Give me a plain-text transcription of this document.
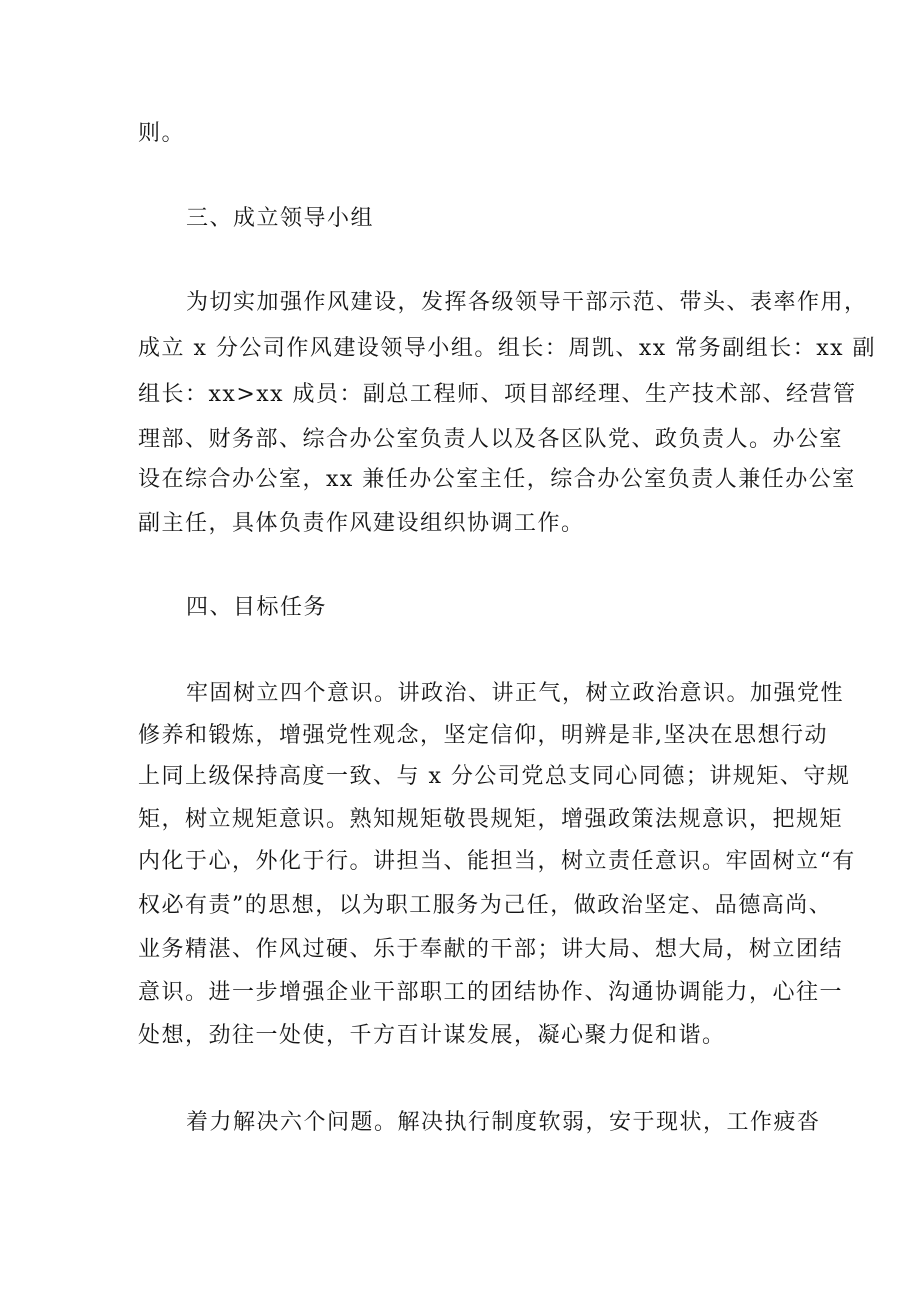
则。

三、成立领导小组

为切实加强作风建设，发挥各级领导干部示范、带头、表率作用，

成立 x 分公司作风建设领导小组。组长：周凯、xx 常务副组长：xx 副

组长：xx>xx 成员：副总工程师、项目部经理、生产技术部、经营管

理部、财务部、综合办公室负责人以及各区队党、政负责人。办公室

设在综合办公室，xx 兼任办公室主任，综合办公室负责人兼任办公室

副主任，具体负责作风建设组织协调工作。

四、目标任务

牢固树立四个意识。讲政治、讲正气，树立政治意识。加强党性

修养和锻炼，增强党性观念，坚定信仰，明辨是非,坚决在思想行动

上同上级保持高度一致、与 x 分公司党总支同心同德；讲规矩、守规

矩，树立规矩意识。熟知规矩敬畏规矩，增强政策法规意识，把规矩

内化于心，外化于行。讲担当、能担当，树立责任意识。牢固树立“有

权必有责”的思想，以为职工服务为己任，做政治坚定、品德高尚、

业务精湛、作风过硬、乐于奉献的干部；讲大局、想大局，树立团结

意识。进一步增强企业干部职工的团结协作、沟通协调能力，心往一

处想，劲往一处使，千方百计谋发展，凝心聚力促和谐。

着力解决六个问题。解决执行制度软弱，安于现状，工作疲沓
